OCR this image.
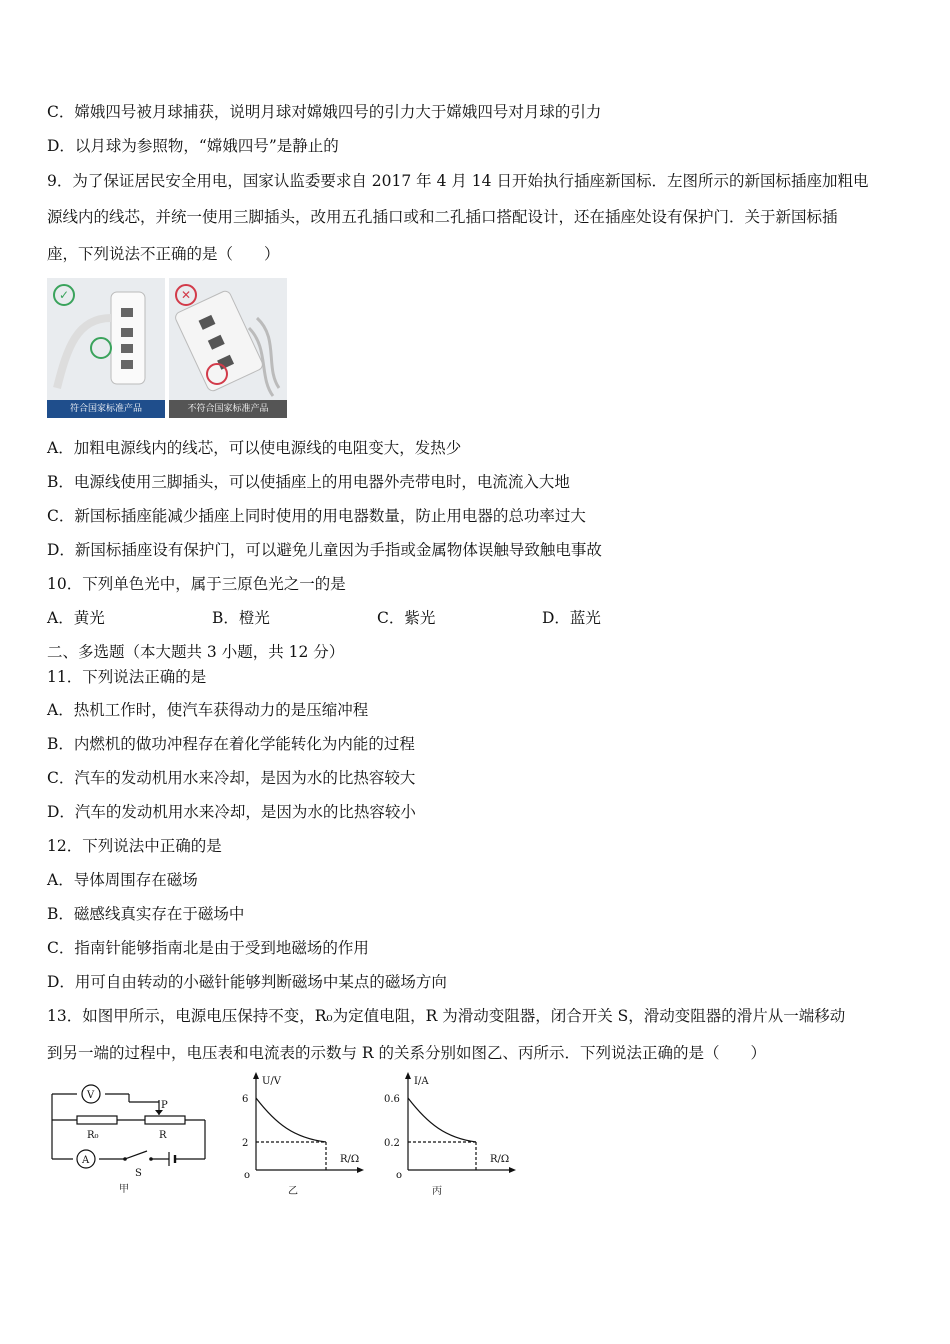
C．嫦娥四号被月球捕获，说明月球对嫦娥四号的引力大于嫦娥四号对月球的引力
D．以月球为参照物，“嫦娥四号”是静止的
9．为了保证居民安全用电，国家认监委要求自 2017 年 4 月 14 日开始执行插座新国标．左图所示的新国标插座加粗电
源线内的线芯，并统一使用三脚插头，改用五孔插口或和二孔插口搭配设计，还在插座处设有保护门．关于新国标插
座，下列说法不正确的是（　　）
✓
符合国家标准产品
✕
不符合国家标准产品
A．加粗电源线内的线芯，可以使电源线的电阻变大，发热少
B．电源线使用三脚插头，可以使插座上的用电器外壳带电时，电流流入大地
C．新国标插座能减少插座上同时使用的用电器数量，防止用电器的总功率过大
D．新国标插座设有保护门，可以避免儿童因为手指或金属物体误触导致触电事故
10．下列单色光中，属于三原色光之一的是
A．黄光	B．橙光	C．紫光	D．蓝光
二、多选题（本大题共 3 小题，共 12 分）
11．下列说法正确的是
A．热机工作时，使汽车获得动力的是压缩冲程
B．内燃机的做功冲程存在着化学能转化为内能的过程
C．汽车的发动机用水来冷却，是因为水的比热容较大
D．汽车的发动机用水来冷却，是因为水的比热容较小
12．下列说法中正确的是
A．导体周围存在磁场
B．磁感线真实存在于磁场中
C．指南针能够指南北是由于受到地磁场的作用
D．用可自由转动的小磁针能够判断磁场中某点的磁场方向
13．如图甲所示，电源电压保持不变，R₀为定值电阻，R 为滑动变阻器，闭合开关 S，滑动变阻器的滑片从一端移动
到另一端的过程中，电压表和电流表的示数与 R 的关系分别如图乙、丙所示．下列说法正确的是（　　）
V
A
P
R₀	R
S
甲
U/V
R/Ω
o
6
2
乙
I/A
R/Ω
o
0.6
0.2
丙
